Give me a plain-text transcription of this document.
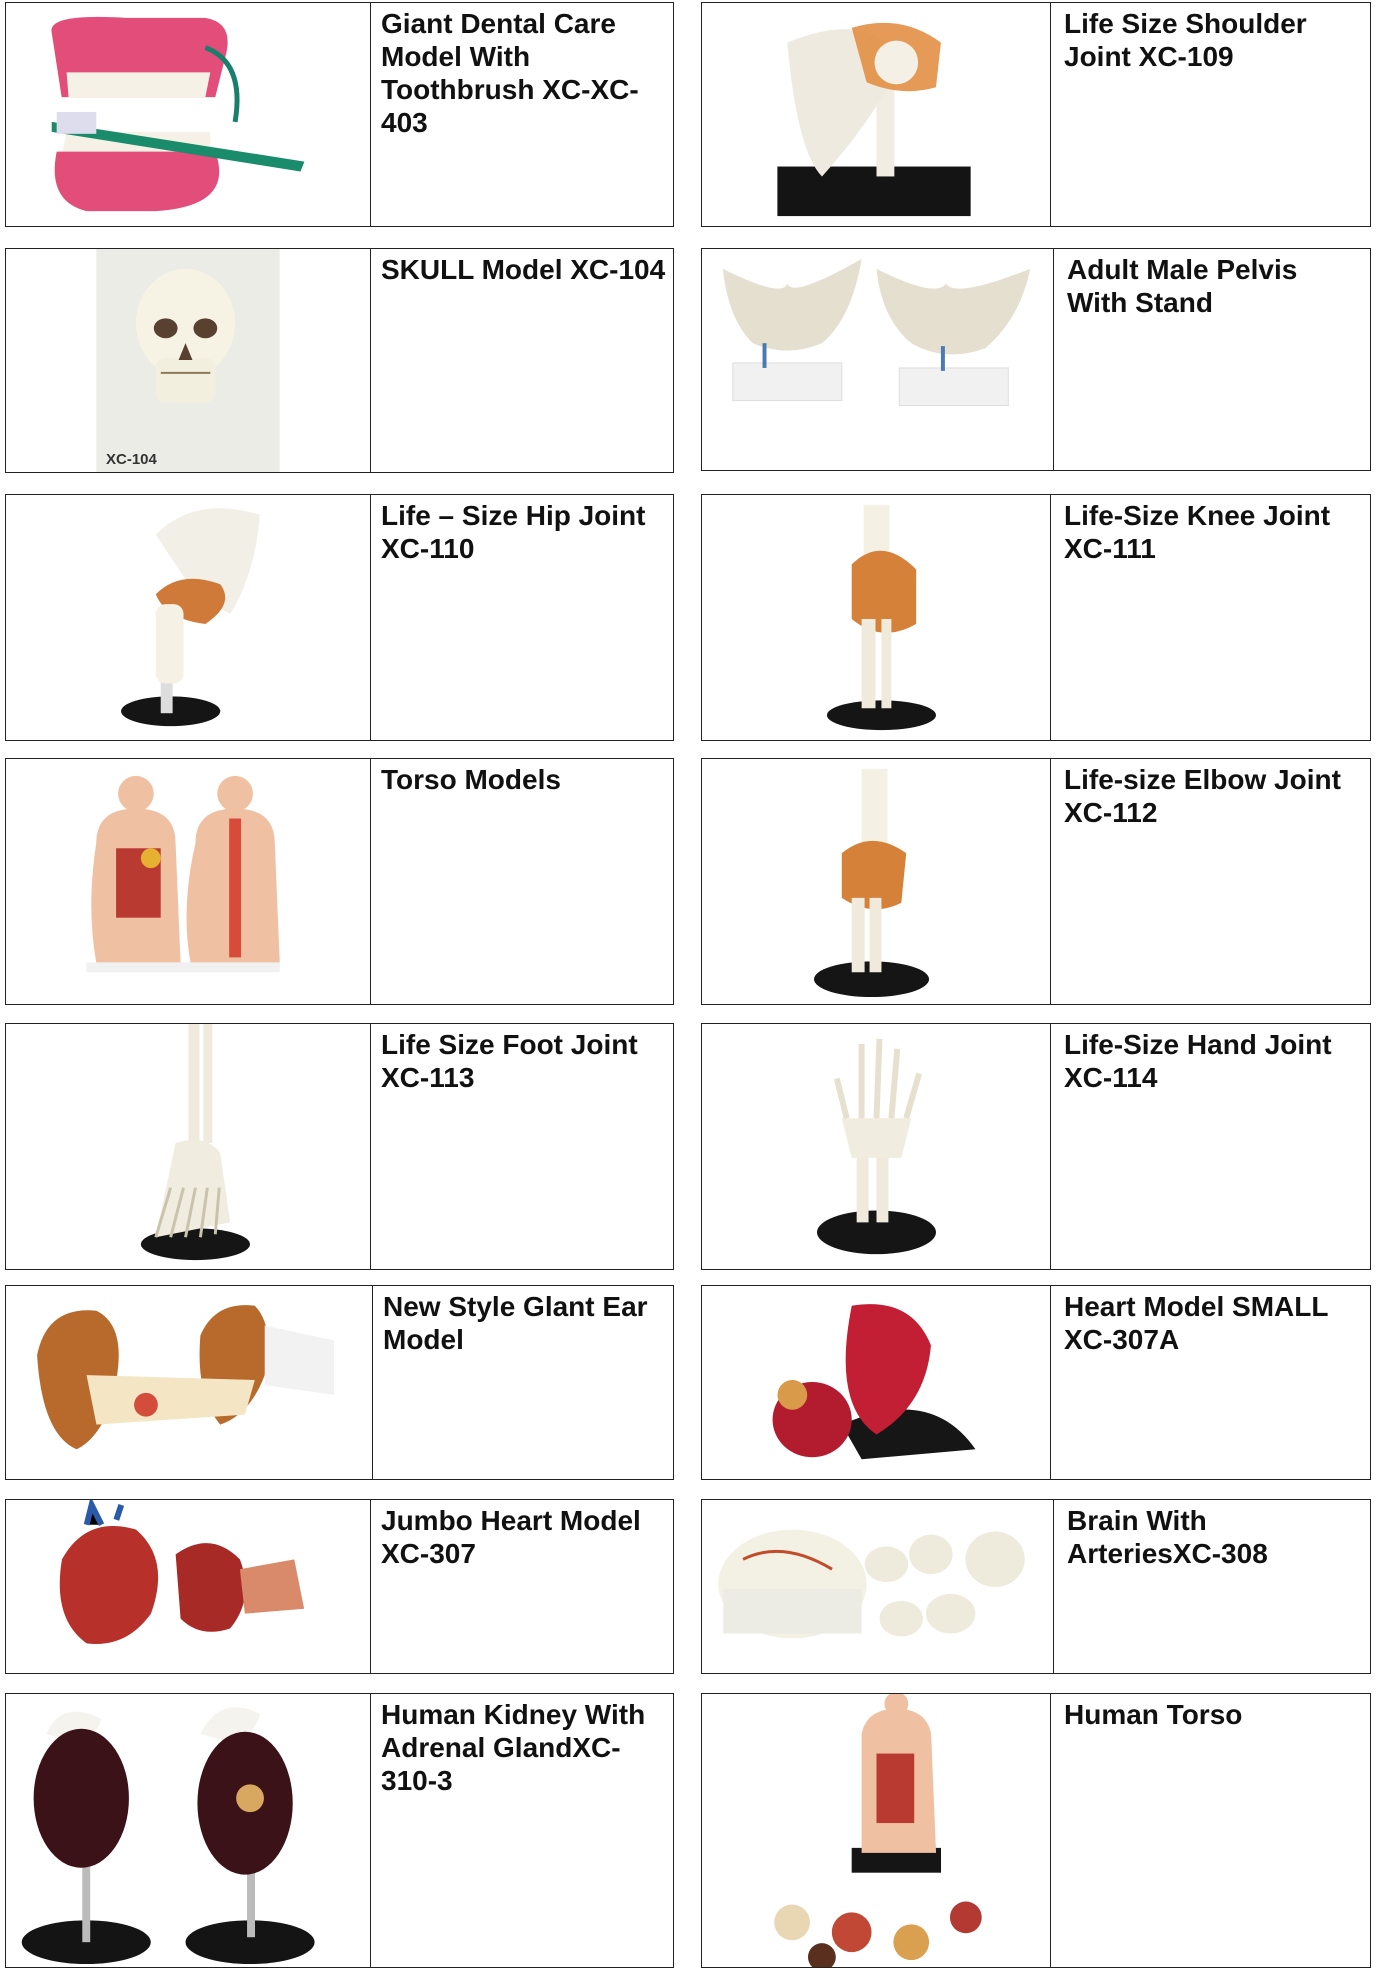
Giant Dental Care Model With Toothbrush XC-XC-403

Life Size Shoulder Joint XC-109

XC-104

SKULL Model XC-104	Adult Male Pelvis With Stand

Life – Size Hip Joint XC-110

Life-Size Knee Joint XC-111

Torso Models	Life-size Elbow Joint XC-112

Life Size Foot Joint XC-113

Life-Size Hand Joint XC-114

New Style Glant Ear Model

Heart Model SMALL XC-307A

Jumbo Heart Model XC-307

Brain With ArteriesXC-308

Human Kidney With Adrenal GlandXC-310-3

Human Torso
